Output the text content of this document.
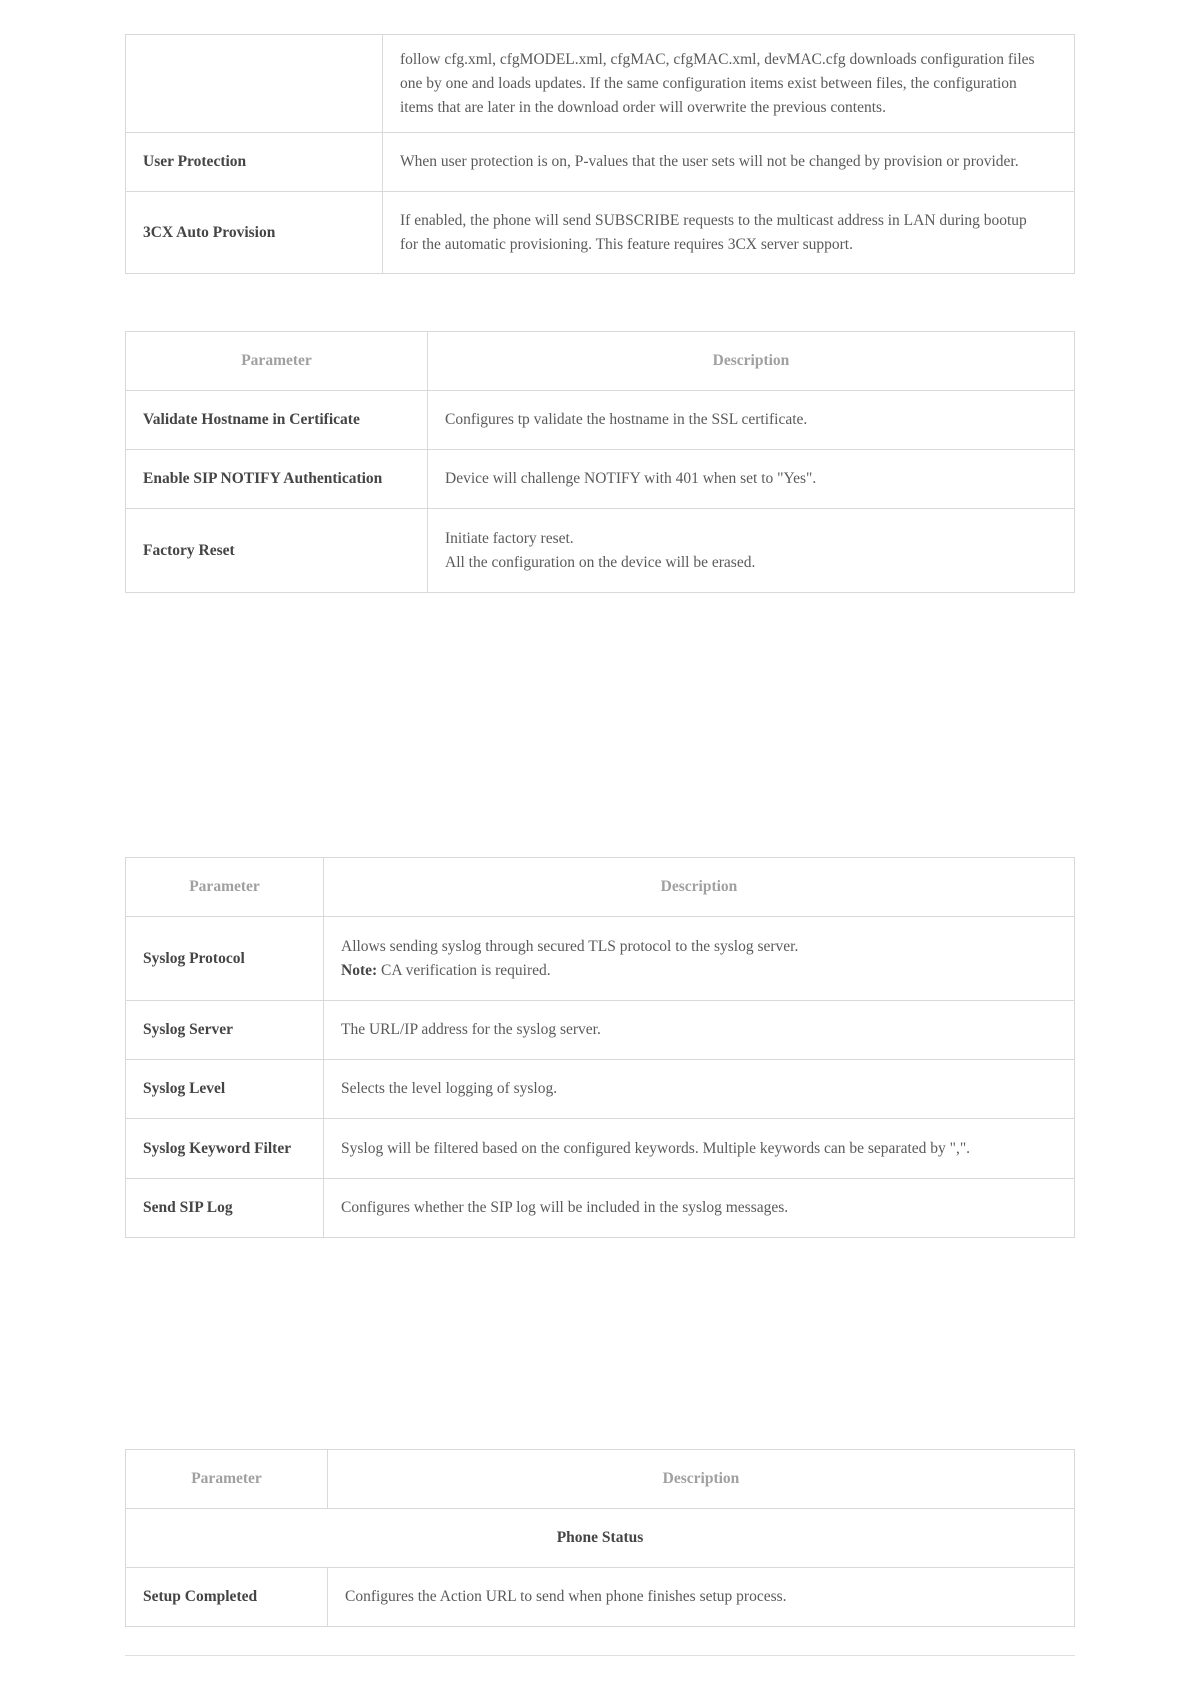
	follow cfg.xml, cfgMODEL.xml, cfgMAC, cfgMAC.xml, devMAC.cfg downloads configuration files
one by one and loads updates. If the same configuration items exist between files, the configuration
items that are later in the download order will overwrite the previous contents.

User Protection	When user protection is on, P-values that the user sets will not be changed by provision or provider.

3CX Auto Provision	If enabled, the phone will send SUBSCRIBE requests to the multicast address in LAN during bootup
for the automatic provisioning. This feature requires 3CX server support.
Parameter	Description
Validate Hostname in Certificate	Configures tp validate the hostname in the SSL certificate.

Enable SIP NOTIFY Authentication	Device will challenge NOTIFY with 401 when set to "Yes".

Factory Reset	Initiate factory reset.
All the configuration on the device will be erased.
Parameter	Description
Syslog Protocol	Allows sending syslog through secured TLS protocol to the syslog server.
Note: CA verification is required.

Syslog Server	The URL/IP address for the syslog server.

Syslog Level	Selects the level logging of syslog.

Syslog Keyword Filter	Syslog will be filtered based on the configured keywords. Multiple keywords can be separated by ",".

Send SIP Log	Configures whether the SIP log will be included in the syslog messages.
Parameter	Description
Phone Status	
Setup Completed	Configures the Action URL to send when phone finishes setup process.
